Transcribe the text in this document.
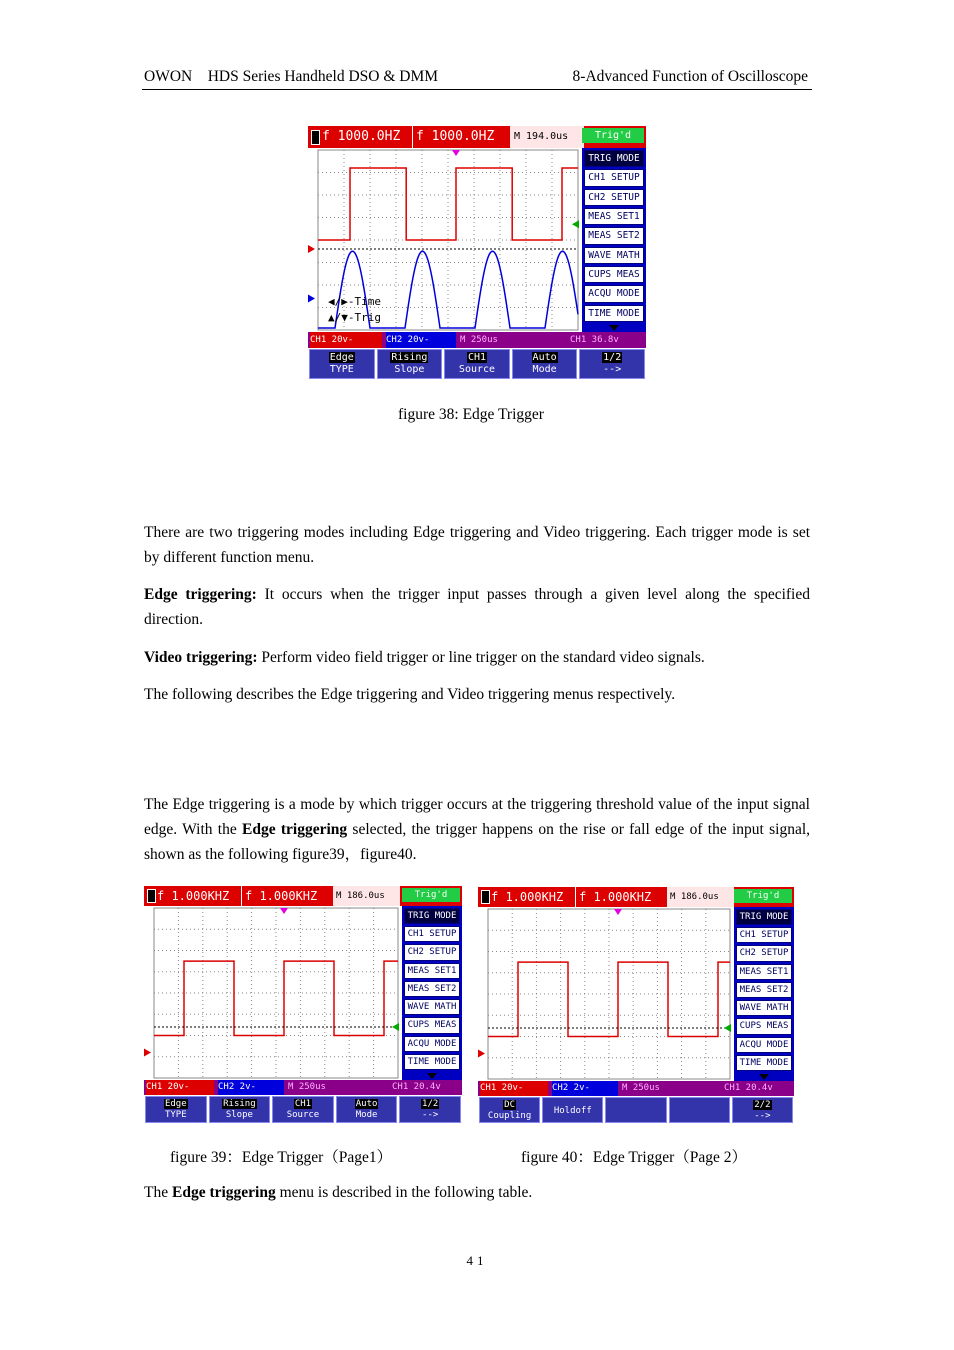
OWON    HDS Series Handheld DSO & DMM	8-Advanced Function of Oscilloscope
f 1000.0HZ f 1000.0HZ	M 194.0us	Trig'd
TRIG MODE
CH1 SETUP
CH2 SETUP
MEAS SET1
MEAS SET2
WAVE MATH
CUPS MEAS
ACQU MODE
TIME MODE
◀/▶-Time
▲/▼-Trig
CH1 20v-	CH2 20v-	M 250us	CH1 36.8v
Edge
TYPE
Rising
Slope
CH1
Source
Auto
Mode
1/2
-->
figure 38: Edge Trigger
There are two triggering modes including Edge triggering and Video triggering. Each trigger mode is set by different function menu.
Edge triggering: It occurs when the trigger input passes through a given level along the specified direction.
Video triggering: Perform video field trigger or line trigger on the standard video signals.
The following describes the Edge triggering and Video triggering menus respectively.
The Edge triggering is a mode by which trigger occurs at the triggering threshold value of the input signal edge. With the Edge triggering selected, the trigger happens on the rise or fall edge of the input signal, shown as the following figure39，figure40.
f 1.000KHZ f 1.000KHZ	M 186.0us	Trig'd
TRIG MODE
CH1 SETUP
CH2 SETUP
MEAS SET1
MEAS SET2
WAVE MATH
CUPS MEAS
ACQU MODE
TIME MODE
CH1 20v-	CH2 2v-	M 250us	CH1 20.4v
Edge
TYPE
Rising
Slope
CH1
Source
Auto
Mode
1/2
-->
f 1.000KHZ f 1.000KHZ	M 186.0us	Trig'd
TRIG MODE
CH1 SETUP
CH2 SETUP
MEAS SET1
MEAS SET2
WAVE MATH
CUPS MEAS
ACQU MODE
TIME MODE
CH1 20v-	CH2 2v-	M 250us	CH1 20.4v
DC
Coupling	Holdoff

2/2
-->
figure 39：Edge Trigger（Page1）	figure 40：Edge Trigger（Page 2）
The Edge triggering menu is described in the following table.
41
